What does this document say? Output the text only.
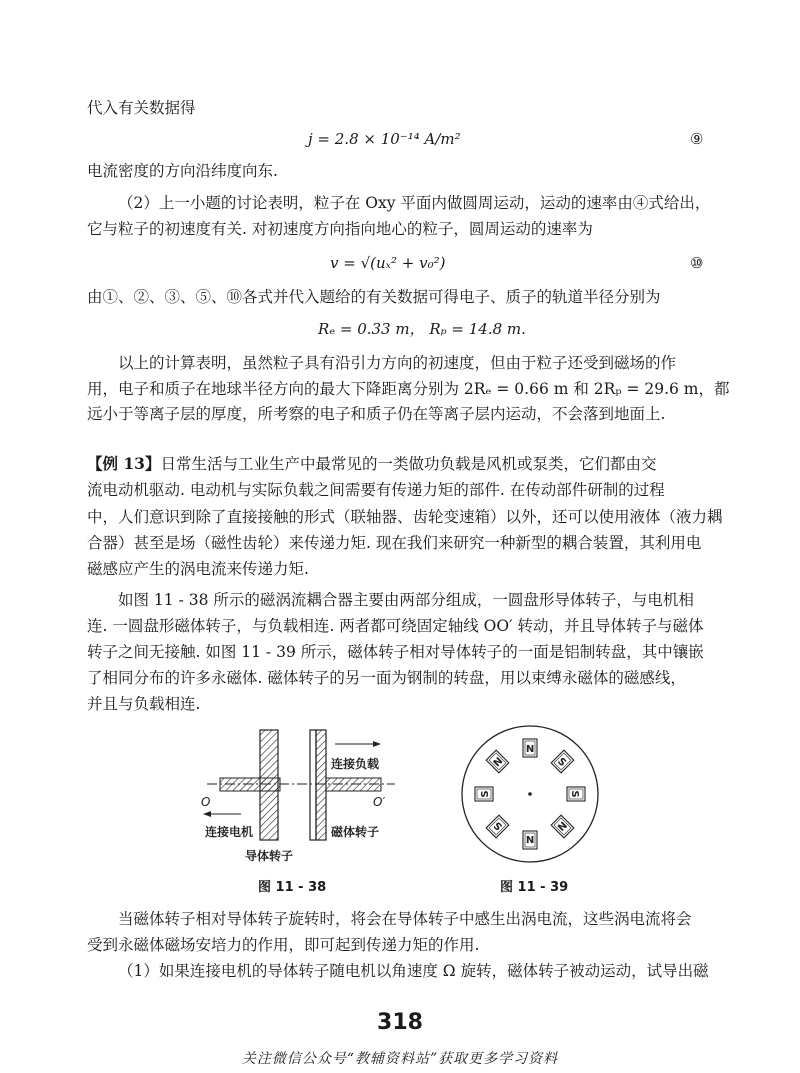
代入有关数据得
j = 2.8 × 10⁻¹⁴ A/m²	⑨
电流密度的方向沿纬度向东.
（2）上一小题的讨论表明，粒子在 Oxy 平面内做圆周运动，运动的速率由④式给出，
它与粒子的初速度有关. 对初速度方向指向地心的粒子，圆周运动的速率为
v = √(uₓ² + v₀²)	⑩
由①、②、③、⑤、⑩各式并代入题给的有关数据可得电子、质子的轨道半径分别为
Rₑ = 0.33 m， Rₚ = 14.8 m.
以上的计算表明，虽然粒子具有沿引力方向的初速度，但由于粒子还受到磁场的作
用，电子和质子在地球半径方向的最大下降距离分别为 2Rₑ = 0.66 m 和 2Rₚ = 29.6 m，都
远小于等离子层的厚度，所考察的电子和质子仍在等离子层内运动，不会落到地面上.
【例 13】日常生活与工业生产中最常见的一类做功负载是风机或泵类，它们都由交
流电动机驱动. 电动机与实际负载之间需要有传递力矩的部件. 在传动部件研制的过程
中，人们意识到除了直接接触的形式（联轴器、齿轮变速箱）以外，还可以使用液体（液力耦
合器）甚至是场（磁性齿轮）来传递力矩. 现在我们来研究一种新型的耦合装置，其利用电
磁感应产生的涡电流来传递力矩.
如图 11 - 38 所示的磁涡流耦合器主要由两部分组成，一圆盘形导体转子，与电机相
连. 一圆盘形磁体转子，与负载相连. 两者都可绕固定轴线 OO′ 转动，并且导体转子与磁体
转子之间无接触. 如图 11 - 39 所示，磁体转子相对导体转子的一面是铝制转盘，其中镶嵌
了相同分布的许多永磁体. 磁体转子的另一面为钢制的转盘，用以束缚永磁体的磁感线，
并且与负载相连.
O	O′
连接负载
连接电机	磁体转子
导体转子
图 11 - 38
N
S
S
N
N
S
S
N
图 11 - 39
当磁体转子相对导体转子旋转时，将会在导体转子中感生出涡电流，这些涡电流将会
受到永磁体磁场安培力的作用，即可起到传递力矩的作用.
（1）如果连接电机的导体转子随电机以角速度 Ω 旋转，磁体转子被动运动，试导出磁
318
关注微信公众号“教辅资料站”获取更多学习资料
